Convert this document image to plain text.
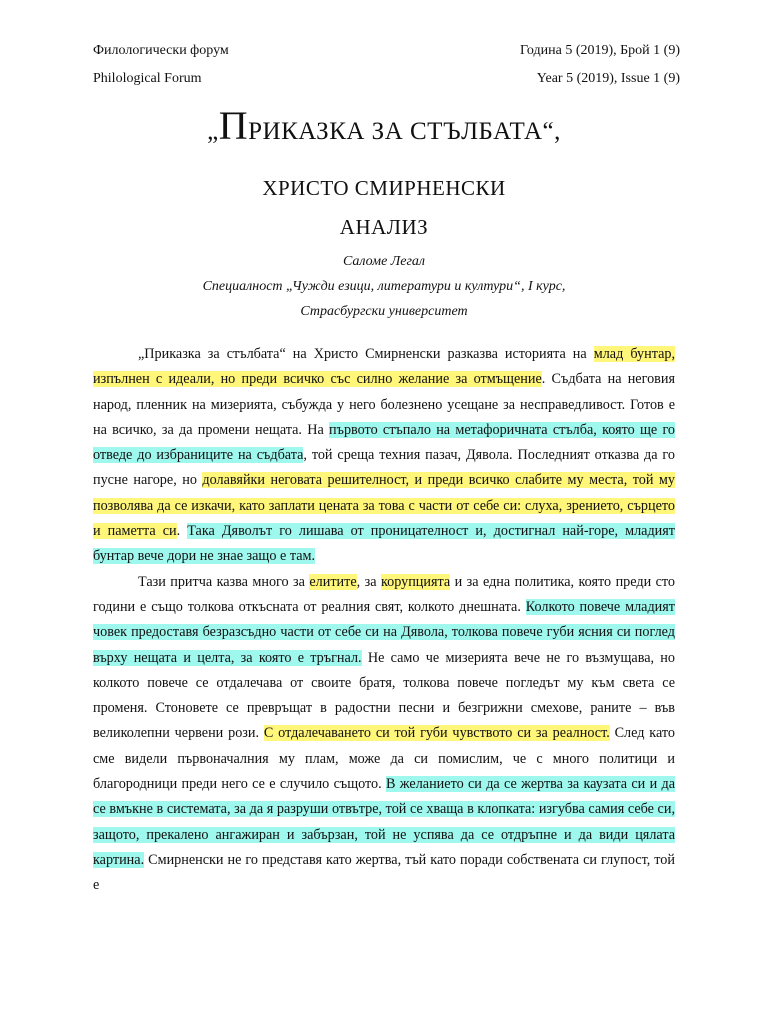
Филологически форум	Година 5 (2019), Брой 1 (9)
Philological Forum	Year 5 (2019), Issue 1 (9)
„ПРИКАЗКА ЗА СТЪЛБАТА“,
ХРИСТО СМИРНЕНСКИ
АНАЛИЗ
Саломе Легал
Специалност „Чужди езици, литератури и култури“, I курс,
Страсбургски университет

„Приказка за стълбата“ на Христо Смирненски разказва историята на млад бунтар, изпълнен с идеали, но преди всичко със силно желание за отмъщение. Съдбата на неговия народ, пленник на мизерията, събужда у него болезнено усещане за несправедливост. Готов е на всичко, за да промени нещата. На първото стъпало на метафоричната стълба, която ще го отведе до избраниците на съдбата, той среща техния пазач, Дявола. Последният отказва да го пусне нагоре, но долавяйки неговата решителност, и преди всичко слабите му места, той му позволява да се изкачи, като заплати цената за това с части от себе си: слуха, зрението, сърцето и паметта си. Така Дяволът го лишава от проницателност и, достигнал най-горе, младият бунтар вече дори не знае защо е там.

Тази притча казва много за елитите, за корупцията и за една политика, която преди сто години е също толкова откъсната от реалния свят, колкото днешната. Колкото повече младият човек предоставя безразсъдно части от себе си на Дявола, толкова повече губи ясния си поглед върху нещата и целта, за която е тръгнал. Не само че мизерията вече не го възмущава, но колкото повече се отдалечава от своите братя, толкова повече погледът му към света се променя. Стоновете се превръщат в радостни песни и безгрижни смехове, раните – във великолепни червени рози. С отдалечаването си той губи чувството си за реалност. След като сме видели първоначалния му плам, може да си помислим, че с много политици и благородници преди него се е случило същото. В желанието си да се жертва за каузата си и да се вмъкне в системата, за да я разруши отвътре, той се хваща в клопката: изгубва самия себе си, защото, прекалено ангажиран и забързан, той не успява да се отдръпне и да види цялата картина. Смирненски не го представя като жертва, тъй като поради собствената си глупост, той е
